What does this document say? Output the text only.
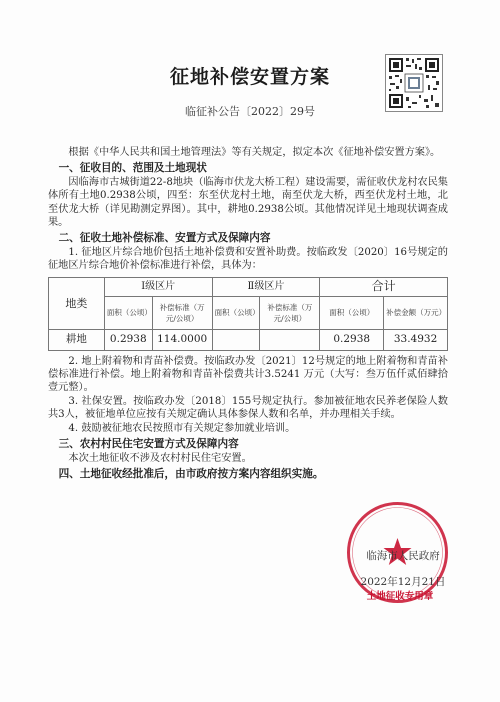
征地补偿安置方案
临征补公告〔2022〕29号

根据《中华人民共和国土地管理法》等有关规定，拟定本次《征地补偿安置方案》。

一、征收目的、范围及土地现状

因临海市古城街道22-8地块（临海市伏龙大桥工程）建设需要，需征收伏龙村农民集体所有土地0.2938公顷，四至：东至伏龙村土地，南至伏龙大桥，西至伏龙村土地，北至伏龙大桥（详见勘测定界图）。其中，耕地0.2938公顷。其他情况详见土地现状调查成果。

二、征收土地补偿标准、安置方式及保障内容

1. 征地区片综合地价包括土地补偿费和安置补助费。按临政发〔2020〕16号规定的征地区片综合地价补偿标准进行补偿，具体为：

地类	Ⅰ级区片		Ⅱ级区片		合计	
	面积（公顷）	补偿标准（万元/公顷）	面积（公顷）	补偿标准（万元/公顷）	面积（公顷）	补偿金额（万元）
耕地	0.2938	114.0000			0.2938	33.4932

2. 地上附着物和青苗补偿费。按临政办发〔2021〕12号规定的地上附着物和青苗补偿标准进行补偿。地上附着物和青苗补偿费共计3.5241 万元（大写：叁万伍仟贰佰肆拾壹元整）。

3. 社保安置。按临政办发〔2018〕155号规定执行。参加被征地农民养老保险人数共3人，被征地单位应按有关规定确认具体参保人数和名单，并办理相关手续。

4. 鼓励被征地农民按照市有关规定参加就业培训。

三、农村村民住宅安置方式及保障内容

本次土地征收不涉及农村村民住宅安置。

四、土地征收经批准后，由市政府按方案内容组织实施。

临海市人民政府
2022年12月21日
土地征收专用章
